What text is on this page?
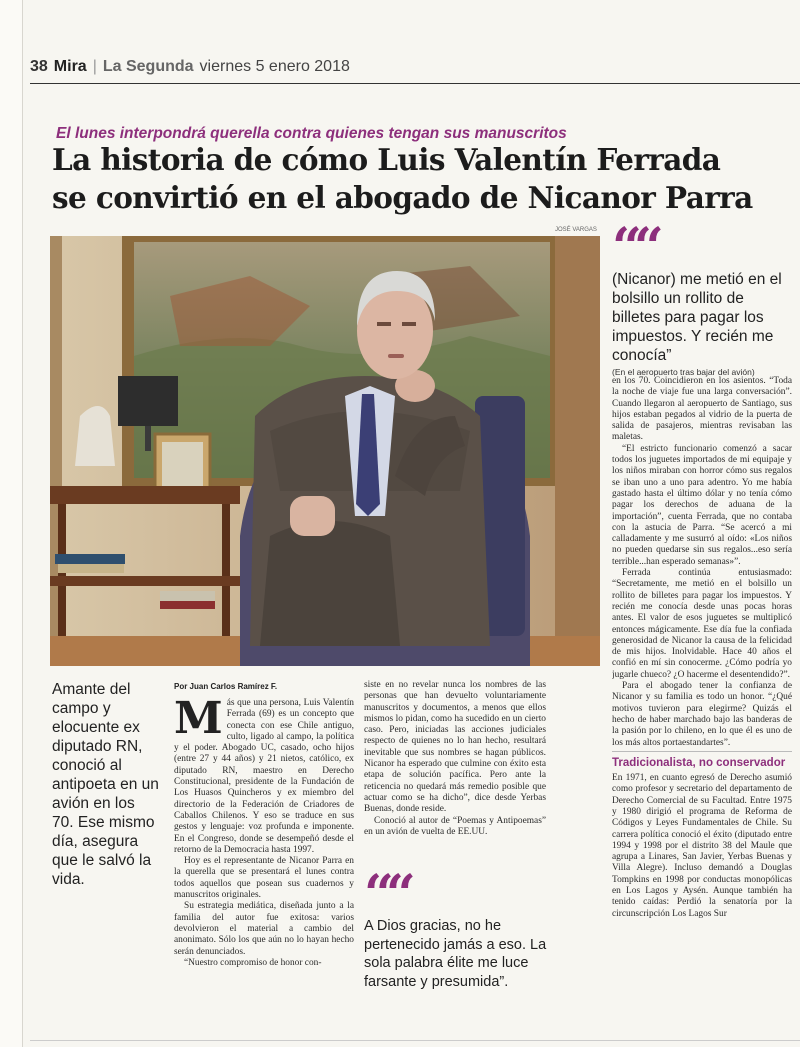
38 Mira | La Segunda viernes 5 enero 2018
El lunes interpondrá querella contra quienes tengan sus manuscritos
La historia de cómo Luis Valentín Ferrada
se convirtió en el abogado de Nicanor Parra
JOSÉ VARGAS ““
(Nicanor) me metió en el bolsillo un rollito de billetes para pagar los impuestos. Y recién me conocía”
(En el aeropuerto tras bajar del avión)
Amante del campo y elocuente ex diputado RN, conoció al antipoeta en un avión en los 70. Ese mismo día, asegura que le salvó la vida.
Por Juan Carlos Ramírez F.

Más que una persona, Luis Valentín Ferrada (69) es un concepto que conecta con ese Chile antiguo, culto, ligado al campo, la política y el poder. Abogado UC, casado, ocho hijos (entre 27 y 44 años) y 21 nietos, católico, ex diputado RN, maestro en Derecho Constitucional, presidente de la Fundación de Los Huasos Quincheros y ex miembro del directorio de la Federación de Criadores de Caballos Chilenos. Y eso se traduce en sus gestos y lenguaje: voz profunda e imponente. En el Congreso, donde se desempeñó desde el retorno de la Democracia hasta 1997.

Hoy es el representante de Nicanor Parra en la querella que se presentará el lunes contra todos aquellos que posean sus cuadernos y manuscritos originales.

Su estrategia mediática, diseñada junto a la familia del autor fue exitosa: varios devolvieron el material a cambio del anonimato. Sólo los que aún no lo hayan hecho serán denunciados.

“Nuestro compromiso de honor con-

siste en no revelar nunca los nombres de las personas que han devuelto voluntariamente manuscritos y documentos, a menos que ellos mismos lo pidan, como ha sucedido en un cierto caso. Pero, iniciadas las acciones judiciales respecto de quienes no lo han hecho, resultará inevitable que sus nombres se hagan públicos. Nicanor ha esperado que culmine con éxito esta etapa de solución pacífica. Pero ante la reticencia no quedará más remedio posible que actuar como se ha dicho”, dice desde Yerbas Buenas, donde reside.

Conoció al autor de “Poemas y Antipoemas” en un avión de vuelta de EE.UU.

““
A Dios gracias, no he pertenecido jamás a eso. La sola palabra élite me luce farsante y presumida”.

en los 70. Coincidieron en los asientos. “Toda la noche de viaje fue una larga conversación”. Cuando llegaron al aeropuerto de Santiago, sus hijos estaban pegados al vidrio de la puerta de salida de pasajeros, mientras revisaban las maletas.

“El estricto funcionario comenzó a sacar todos los juguetes importados de mi equipaje y los niños miraban con horror cómo sus regalos se iban uno a uno para adentro. Yo me había gastado hasta el último dólar y no tenía cómo pagar los derechos de aduana de la importación”, cuenta Ferrada, que no contaba con la astucia de Parra. “Se acercó a mi calladamente y me susurró al oído: «Los niños no pueden quedarse sin sus regalos...eso sería terrible...han esperado semanas»”.

Ferrada continúa entusiasmado: “Secretamente, me metió en el bolsillo un rollito de billetes para pagar los impuestos. Y recién me conocía desde unas pocas horas antes. El valor de esos juguetes se multiplicó entonces mágicamente. Ese día fue la confiada generosidad de Nicanor la causa de la felicidad de mis hijos. Inolvidable. Hace 40 años el confió en mí sin conocerme. ¿Cómo podría yo jugarle chueco? ¿O hacerme el desentendido?”.

Para el abogado tener la confianza de Nicanor y su familia es todo un honor. “¿Qué motivos tuvieron para elegirme? Quizás el hecho de haber marchado bajo las banderas de la pasión por lo chileno, en lo que él es uno de los más altos portaestandartes”.

Tradicionalista, no conservador

En 1971, en cuanto egresó de Derecho asumió como profesor y secretario del departamento de Derecho Comercial de su Facultad. Entre 1975 y 1980 dirigió el programa de Reforma de Códigos y Leyes Fundamentales de Chile. Su carrera política conoció el éxito (diputado entre 1994 y 1998 por el distrito 38 del Maule que agrupa a Linares, San Javier, Yerbas Buenas y Villa Alegre). Incluso demandó a Douglas Tompkins en 1998 por conductas monopólicas en Los Lagos y Aysén. Aunque también ha tenido caídas: Perdió la senatoría por la circunscripción Los Lagos Sur
